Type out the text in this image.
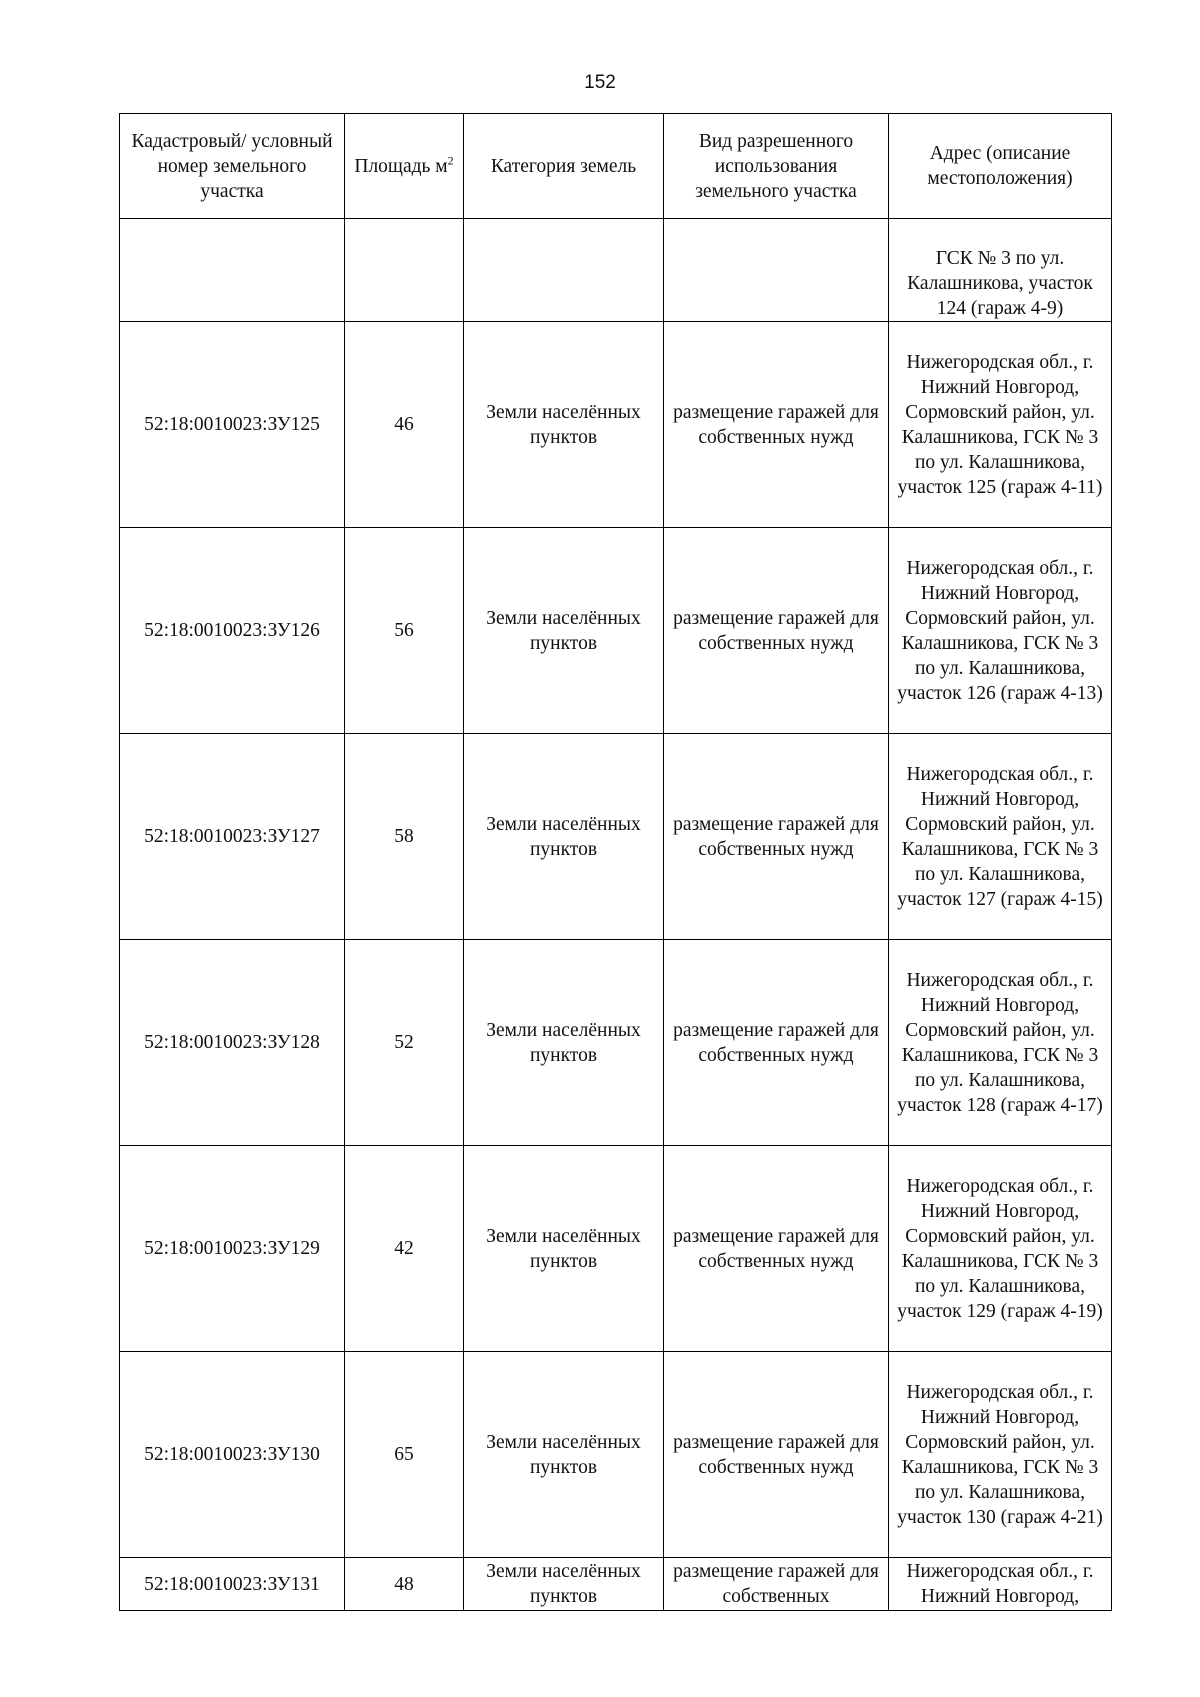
152
Кадастровый/ условный номер земельного участка	Площадь $м^2$	Категория земель	Вид разрешенного использования земельного участка	Адрес (описание местоположения)
				ГСК № 3 по ул. Калашникова, участок 124 (гараж 4-9)
52:18:0010023:ЗУ125	46	Земли населённых пунктов	размещение гаражей для собственных нужд	Нижегородская обл., г. Нижний Новгород, Сормовский район, ул. Калашникова, ГСК № 3 по ул. Калашникова, участок 125 (гараж 4-11)
52:18:0010023:ЗУ126	56	Земли населённых пунктов	размещение гаражей для собственных нужд	Нижегородская обл., г. Нижний Новгород, Сормовский район, ул. Калашникова, ГСК № 3 по ул. Калашникова, участок 126 (гараж 4-13)
52:18:0010023:ЗУ127	58	Земли населённых пунктов	размещение гаражей для собственных нужд	Нижегородская обл., г. Нижний Новгород, Сормовский район, ул. Калашникова, ГСК № 3 по ул. Калашникова, участок 127 (гараж 4-15)
52:18:0010023:ЗУ128	52	Земли населённых пунктов	размещение гаражей для собственных нужд	Нижегородская обл., г. Нижний Новгород, Сормовский район, ул. Калашникова, ГСК № 3 по ул. Калашникова, участок 128 (гараж 4-17)
52:18:0010023:ЗУ129	42	Земли населённых пунктов	размещение гаражей для собственных нужд	Нижегородская обл., г. Нижний Новгород, Сормовский район, ул. Калашникова, ГСК № 3 по ул. Калашникова, участок 129 (гараж 4-19)
52:18:0010023:ЗУ130	65	Земли населённых пунктов	размещение гаражей для собственных нужд	Нижегородская обл., г. Нижний Новгород, Сормовский район, ул. Калашникова, ГСК № 3 по ул. Калашникова, участок 130 (гараж 4-21)
52:18:0010023:ЗУ131	48	Земли населённых пунктов	размещение гаражей для собственных	Нижегородская обл., г. Нижний Новгород,
